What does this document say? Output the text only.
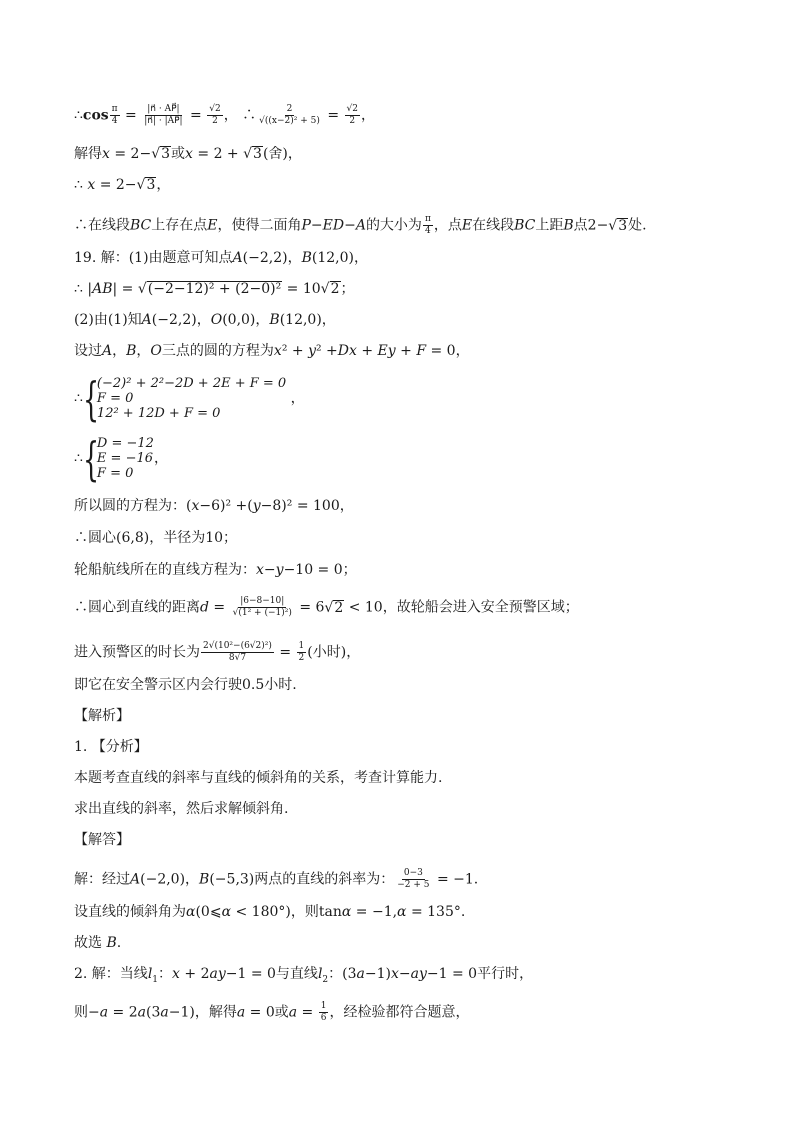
∴cos $\frac{\pi}{4} = \frac{|n⃗ \cdot AP⃗|}{|n⃗| \cdot |AP⃗|} = \frac{√2}{2}$ ， ∴ $\frac{2}{\text{√((x−2)² + 5)}} = \frac{√2}{2}$ ，
解得x = 2− √ 3 或x = 2 + √ 3 (舍)，
∴ x = 2− √ 3 ，
∴在线段BC上存在点E，使得二面角P−ED−A的大小为 $\frac{\pi}{4}$ ，点E在线段BC上距B点2− √ 3 处.
19. 解：(1)由题意可知点A(−2,2)，B(12,0)，
∴ |AB| = √ (−2−12)² + (2−0)² = 10 √ 2 ；
(2)由(1)知A(−2,2)，O(0,0)，B(12,0)，
设过A，B，O三点的圆的方程为x² + y² +Dx + Ey + F = 0，
∴ {
(−2)² + 2²−2D + 2E + F = 0
F = 0
12² + 12D + F = 0
，
∴ {
D = −12
E = −16
F = 0
，
所以圆的方程为：(x−6)² +(y−8)² = 100，
∴圆心(6,8)，半径为10；
轮船航线所在的直线方程为：x−y−10 = 0；
∴圆心到直线的距离$d = \frac{|6-8-10|}{\text{√(1² + (−1)²)}} = 6$ √ 2 < 10，故轮船会进入安全预警区域；
进入预警区的时长为 $\frac{\text{2√(10²−(6√2)²)}}{8√7} = \frac{1}{2}$ (小时)，
即它在安全警示区内会行驶0.5小时.
【解析】
1. 【分析】
本题考查直线的斜率与直线的倾斜角的关系，考查计算能力.
求出直线的斜率，然后求解倾斜角.
【解答】
解：经过A(−2,0)，B(−5,3)两点的直线的斜率为： $\frac{0-3}{-2 + 5} = -1$.
设直线的倾斜角为α(0⩽α < 180°)，则tanα = −1,α = 135°.
故选 B.
2. 解：当线$l_1$：x + 2ay−1 = 0与直线$l_2$：(3a−1)x−ay−1 = 0平行时，
则−a = 2a(3a−1)，解得a = 0或$a = \frac{1}{6}$ ，经检验都符合题意，
